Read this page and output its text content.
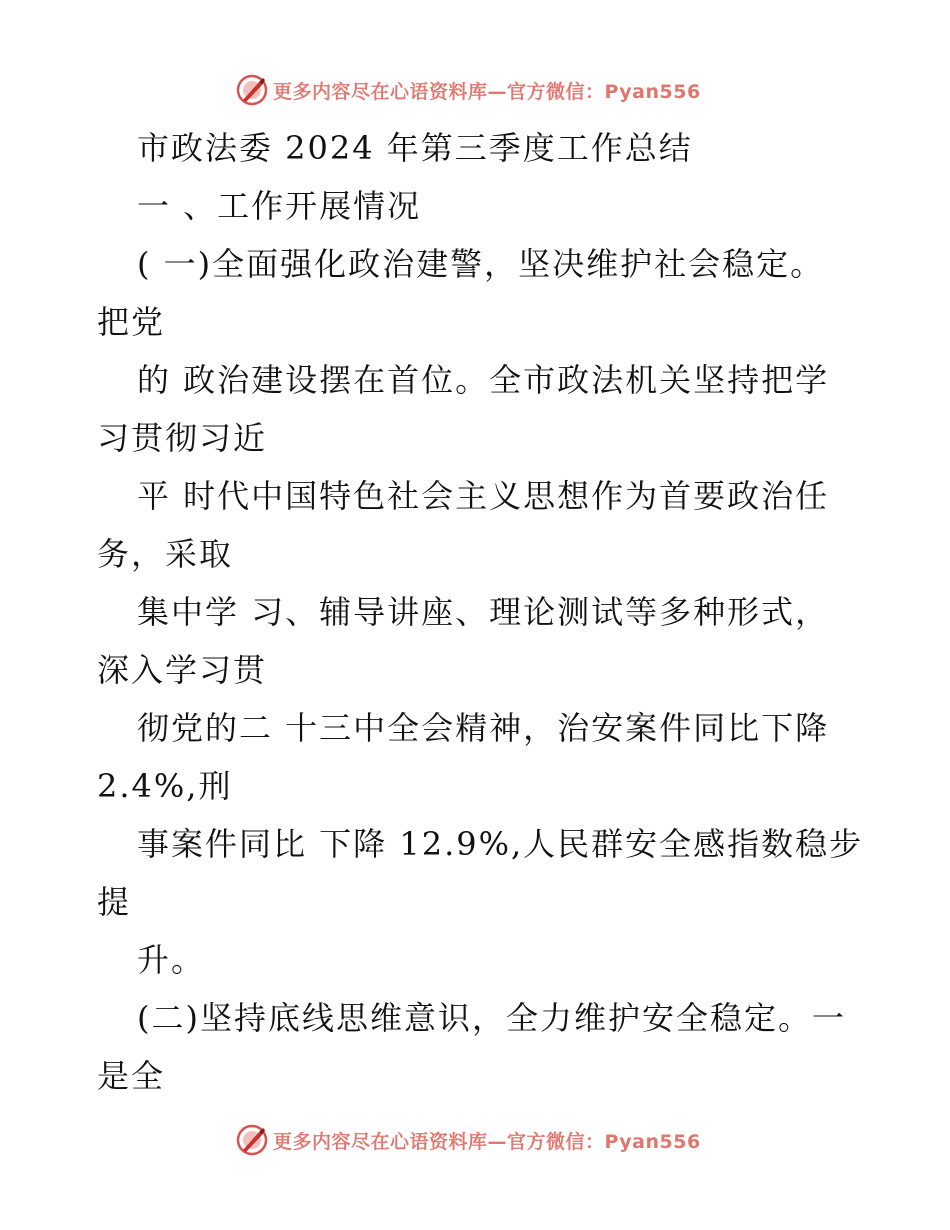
更多内容尽在心语资料库—官方微信：Pyan556
市政法委 2024 年第三季度工作总结
一 、工作开展情况
( 一)全面强化政治建警，坚决维护社会稳定。
把党
的 政治建设摆在首位。全市政法机关坚持把学
习贯彻习近
平 时代中国特色社会主义思想作为首要政治任
务，采取
集中学 习、辅导讲座、理论测试等多种形式，
深入学习贯
彻党的二 十三中全会精神，治安案件同比下降
2.4%,刑
事案件同比 下降 12.9%,人民群安全感指数稳步
提
升。
(二)坚持底线思维意识，全力维护安全稳定。一
是全
更多内容尽在心语资料库—官方微信：Pyan556
